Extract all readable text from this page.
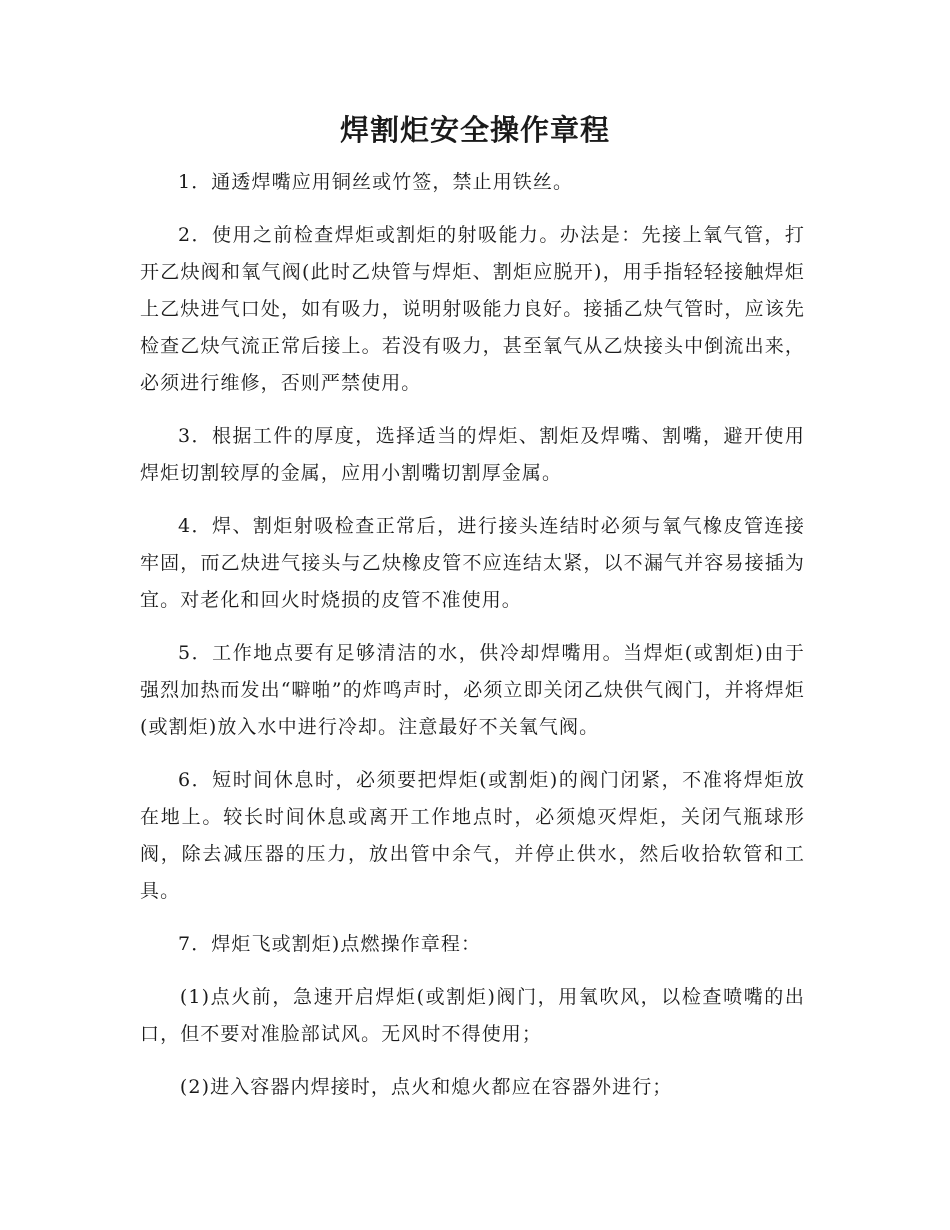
焊割炬安全操作章程

1．通透焊嘴应用铜丝或竹签，禁止用铁丝。

2．使用之前检查焊炬或割炬的射吸能力。办法是：先接上氧气管，打开乙炔阀和氧气阀(此时乙炔管与焊炬、割炬应脱开)，用手指轻轻接触焊炬上乙炔进气口处，如有吸力，说明射吸能力良好。接插乙炔气管时，应该先检查乙炔气流正常后接上。若没有吸力，甚至氧气从乙炔接头中倒流出来，必须进行维修，否则严禁使用。

3．根据工件的厚度，选择适当的焊炬、割炬及焊嘴、割嘴，避开使用焊炬切割较厚的金属，应用小割嘴切割厚金属。

4．焊、割炬射吸检查正常后，进行接头连结时必须与氧气橡皮管连接牢固，而乙炔进气接头与乙炔橡皮管不应连结太紧，以不漏气并容易接插为宜。对老化和回火时烧损的皮管不准使用。

5．工作地点要有足够清洁的水，供冷却焊嘴用。当焊炬(或割炬)由于强烈加热而发出“噼啪”的炸鸣声时，必须立即关闭乙炔供气阀门，并将焊炬(或割炬)放入水中进行冷却。注意最好不关氧气阀。

6．短时间休息时，必须要把焊炬(或割炬)的阀门闭紧，不准将焊炬放在地上。较长时间休息或离开工作地点时，必须熄灭焊炬，关闭气瓶球形阀，除去减压器的压力，放出管中余气，并停止供水，然后收拾软管和工具。

7．焊炬飞或割炬)点燃操作章程：

(1)点火前，急速开启焊炬(或割炬)阀门，用氧吹风，以检查喷嘴的出口，但不要对准脸部试风。无风时不得使用；

(2)进入容器内焊接时，点火和熄火都应在容器外进行；
